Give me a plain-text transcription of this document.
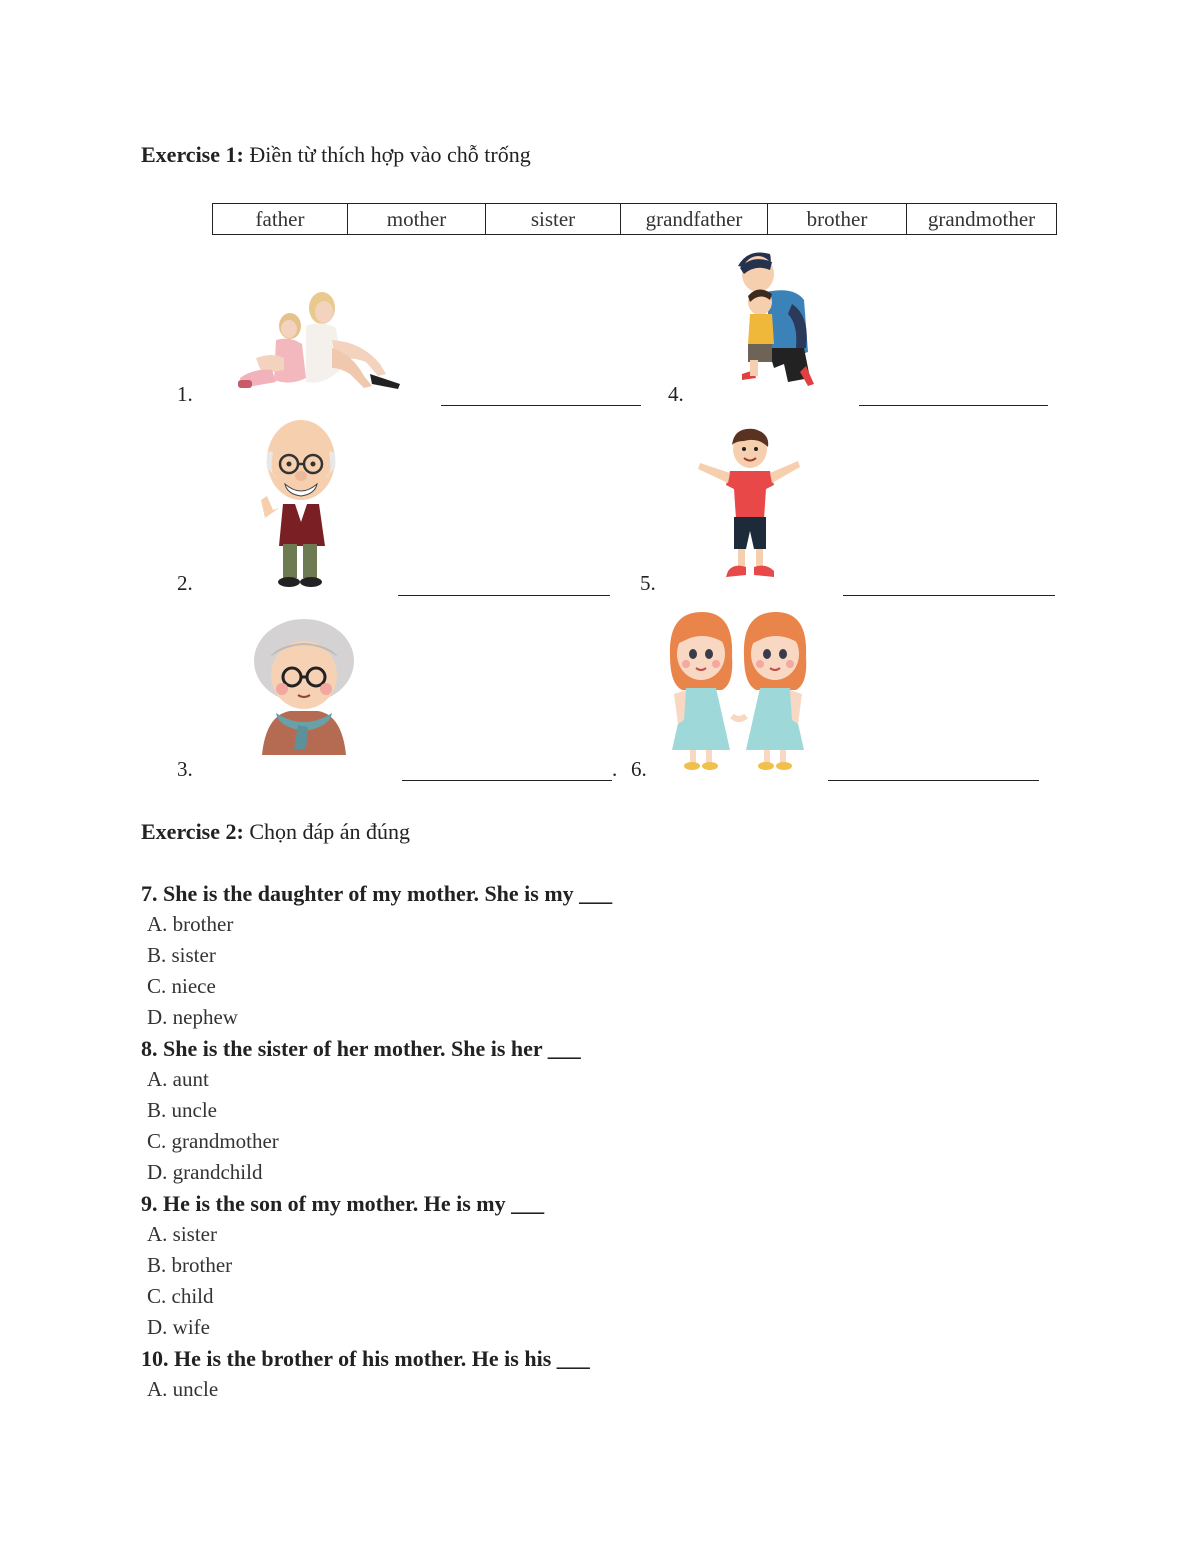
Exercise 1: Điền từ thích hợp vào chỗ trống
father	mother	sister	grandfather	brother	grandmother
1.
2.
3.	.
4.
5.
6.
Exercise 2: Chọn đáp án đúng
7. She is the daughter of my mother. She is my ___
A. brother
B. sister
C. niece
D. nephew
8. She is the sister of her mother. She is her ___
A. aunt
B. uncle
C. grandmother
D. grandchild
9. He is the son of my mother. He is my ___
A. sister
B. brother
C. child
D. wife
10. He is the brother of his mother. He is his ___
A. uncle
